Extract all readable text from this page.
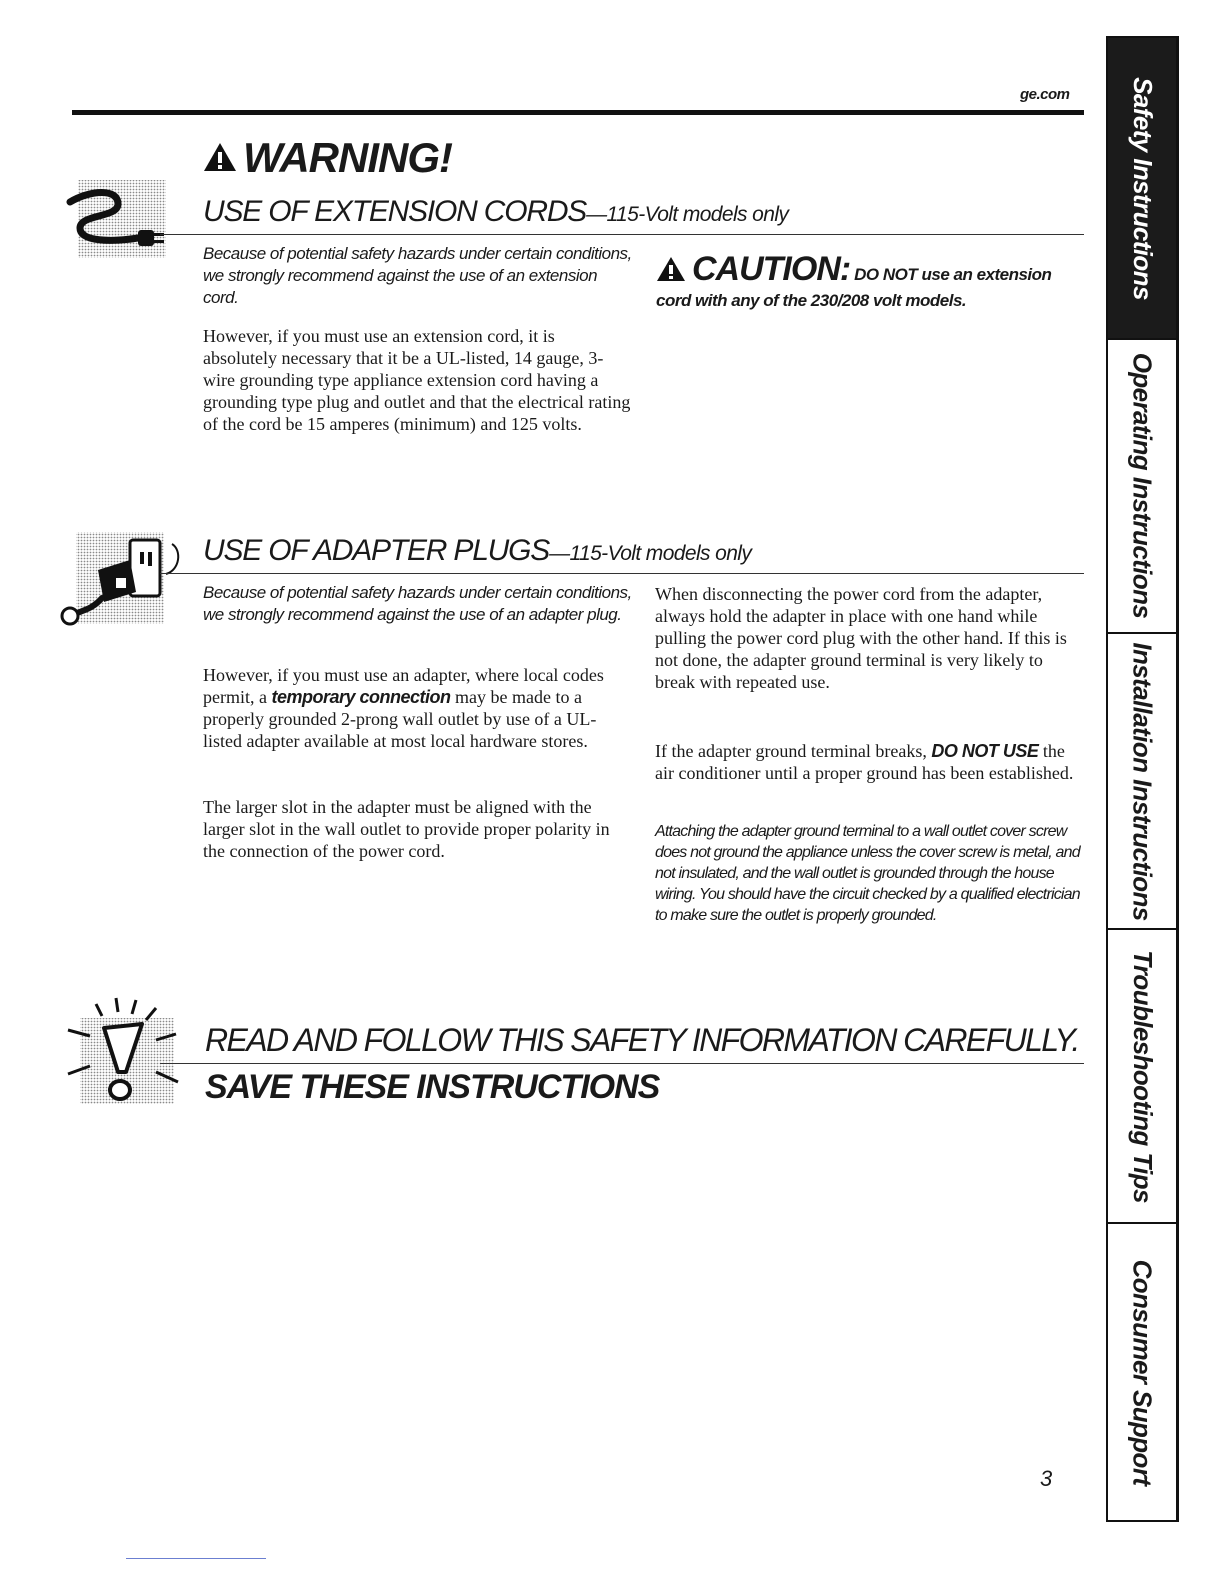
ge.com
WARNING!
USE OF EXTENSION CORDS—115-Volt models only
Because of potential safety hazards under certain conditions, we strongly recommend against the use of an extension cord.
However, if you must use an extension cord, it is absolutely necessary that it be a UL-listed, 14 gauge, 3-wire grounding type appliance extension cord having a grounding type plug and outlet and that the electrical rating of the cord be 15 amperes (minimum) and 125 volts.
CAUTION: DO NOT use an extension
cord with any of the 230/208 volt models.
USE OF ADAPTER PLUGS—115-Volt models only
Because of potential safety hazards under certain conditions, we strongly recommend against the use of an adapter plug.
However, if you must use an adapter, where local codes permit, a temporary connection may be made to a properly grounded 2-prong wall outlet by use of a UL-listed adapter available at most local hardware stores.
The larger slot in the adapter must be aligned with the larger slot in the wall outlet to provide proper polarity in the connection of the power cord.
When disconnecting the power cord from the adapter, always hold the adapter in place with one hand while pulling the power cord plug with the other hand. If this is not done, the adapter ground terminal is very likely to break with repeated use.
If the adapter ground terminal breaks, DO NOT USE the air conditioner until a proper ground has been established.
Attaching the adapter ground terminal to a wall outlet cover screw does not ground the appliance unless the cover screw is metal, and not insulated, and the wall outlet is grounded through the house wiring. You should have the circuit checked by a qualified electrician to make sure the outlet is properly grounded.
READ AND FOLLOW THIS SAFETY INFORMATION CAREFULLY.
SAVE THESE INSTRUCTIONS
3
Safety Instructions
Operating Instructions
Installation Instructions
Troubleshooting Tips
Consumer Support
